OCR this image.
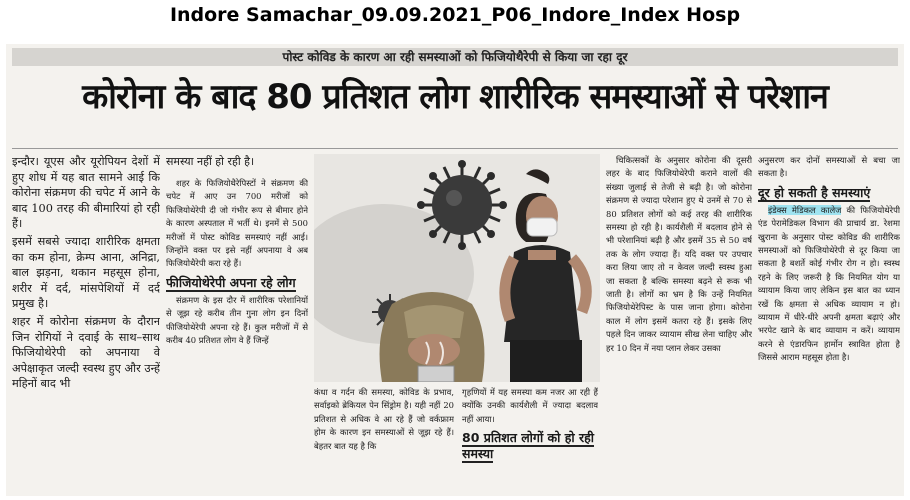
Indore Samachar_09.09.2021_P06_Indore_Index Hosp
पोस्ट कोविड के कारण आ रही समस्याओं को फिजियोथैरेपी से किया जा रहा दूर
कोरोना के बाद 80 प्रतिशत लोग शारीरिक समस्याओं से परेशान

इन्दौर। यूएस और यूरोपियन देशों में हुए शोध में यह बात सामने आई कि कोरोना संक्रमण की चपेट में आने के बाद 100 तरह की बीमारियां हो रही हैं।

इसमें सबसे ज्यादा शारीरिक क्षमता का कम होना, क्रेम्प आना, अनिद्रा, बाल झड़ना, थकान महसूस होना, शरीर में दर्द, मांसपेशियों में दर्द प्रमुख है।

शहर में कोरोना संक्रमण के दौरान जिन रोगियों ने दवाई के साथ–साथ फिजियोथेरेपी को अपनाया वे अपेक्षाकृत जल्दी स्वस्थ हुए और उन्हें महिनों बाद भी

समस्या नहीं हो रही है।

शहर के फिजियोथैरेपिस्टों ने संक्रमण की चपेट में आए उन 700 मरीजों को फिजियोथेरेपी दी जो गंभीर रूप से बीमार होने के कारण अस्पताल में भर्ती थे। इनमें से 500 मरीजों में पोस्ट कोविड समस्याएं नहीं आई। जिन्होंने वक्त पर इसे नहीं अपनाया वे अब फिजियोथैरेपी करा रहे हैं।

फीजियोथेरेपी अपना रहे लोग

संक्रमण के इस दौर में शारीरिक परेशानियों से जूझ रहे करीब तीन गुना लोग इन दिनों फीजियोथेरेपी अपना रहे हैं। कुल मरीजों में से करीब 40 प्रतिशत लोग वे हैं जिन्हें

कंधा व गर्दन की समस्या, कोविड के प्रभाव, सर्वाइको ब्रेकियल पेन सिंड्रोम है। यही नहीं 20 प्रतिशत से अधिक वे आ रहे हैं जो वर्कफ्राम होम के कारण इन समस्याओं से जूझ रहे हैं। बेहतर बात यह है कि

गृहणियों में यह समस्या कम नजर आ रही हैं क्योंकि उनकी कार्यशैली में ज्यादा बदलाव नहीं आया।

80 प्रतिशत लोगों को हो रही समस्या

चिकित्सकों के अनुसार कोरोना की दूसरी लहर के बाद फिजियोथेरेपी कराने वालों की संख्या जुलाई से तेजी से बढ़ी है। जो कोरोना संक्रमण से ज्यादा परेशान हुए थे उनमें से 70 से 80 प्रतिशत लोगों को कई तरह की शारीरिक समस्या हो रही है। कार्यशैली में बदलाव होने से भी परेशानियां बढ़ी है और इसमें 35 से 50 वर्ष तक के लोग ज्यादा हैं। यदि वक्त पर उपचार करा लिया जाए तो न केवल जल्दी स्वस्थ हुआ जा सकता है बल्कि समस्या बढ़ने से रूक भी जाती है। लोगों का भ्रम है कि उन्हें नियमित फिजियोथेरेपिस्ट के पास जाना होगा। कोरोना काल में लोग इसमें कतरा रहे हैं। इसके लिए पहले दिन जाकर व्यायाम सीख लेना चाहिए और हर 10 दिन में नया प्लान लेकर उसका

अनुसरण कर दोनों समस्याओं से बचा जा सकता है।

दूर हो सकती है समस्याएं

इंडेक्स मेडिकल कालेज की फिजियोथेरेपी एंड पेरामेडिकल विभाग की प्राचार्य डा. रेशमा खुराना के अनुसार पोस्ट कोविड की शारीरिक समस्याओं को फिजियोथेरेपी से दूर किया जा सकता है बशर्ते कोई गंभीर रोग न हो। स्वस्थ रहने के लिए जरूरी है कि नियमित योग या व्यायाम किया जाए लेकिन इस बात का ध्यान रखें कि क्षमता से अधिक व्यायाम न हो। व्यायाम में धीरे-धीरे अपनी क्षमता बढ़ाएं और भरपेट खाने के बाद व्यायाम न करें। व्यायाम करने से एंडारफिन हार्मोन स्त्रावित होता है जिससे आराम महसूस होता है।
